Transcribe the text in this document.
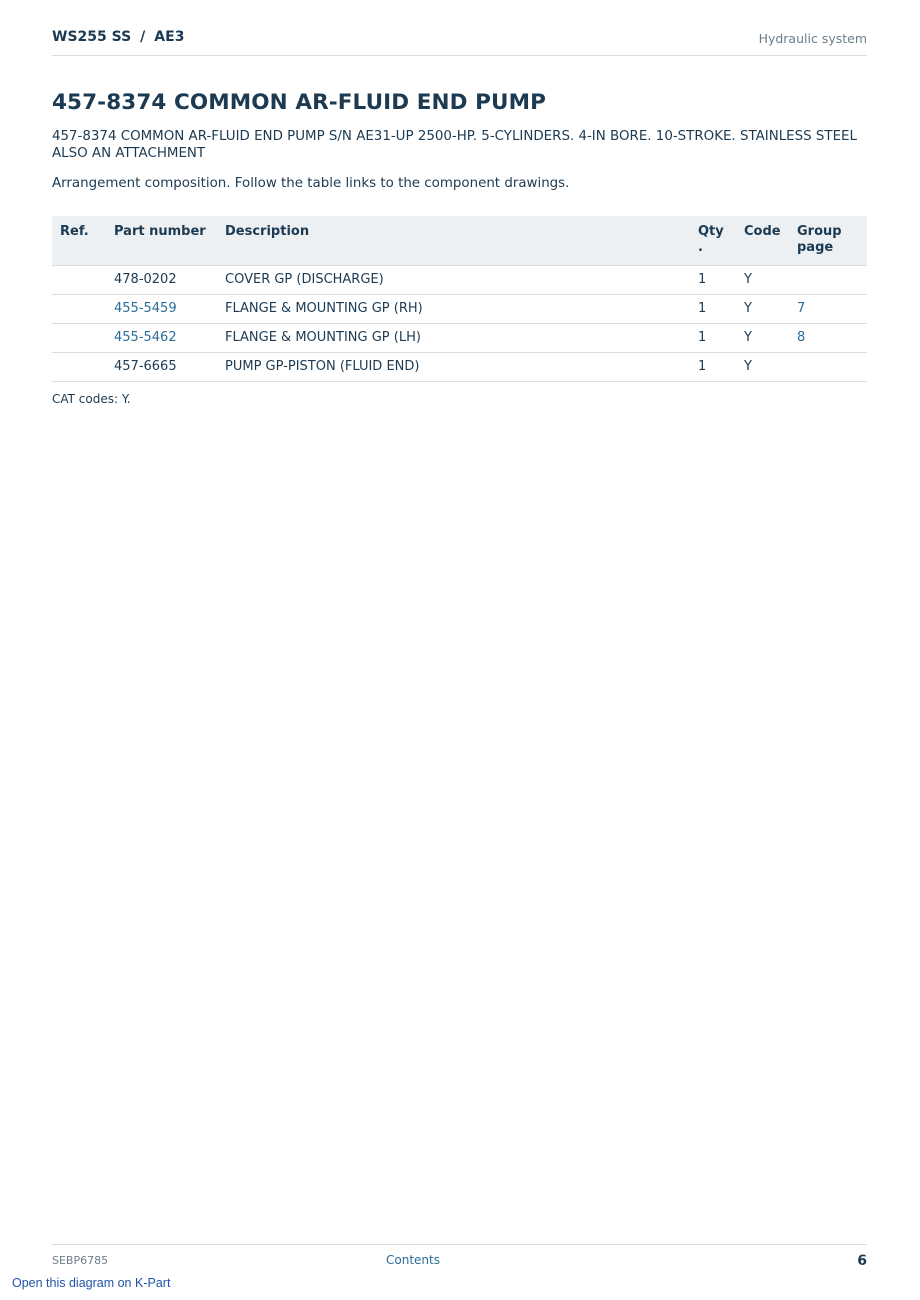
WS255 SS / AE3	Hydraulic system
457-8374 COMMON AR-FLUID END PUMP
457-8374 COMMON AR-FLUID END PUMP S/N AE31-UP 2500-HP. 5-CYLINDERS. 4-IN BORE. 10-STROKE. STAINLESS STEEL ALSO AN ATTACHMENT
Arrangement composition. Follow the table links to the component drawings.
Ref.	Part number	Description	Qty .	Code	Group page
	478-0202	COVER GP (DISCHARGE)	1	Y	
	455-5459	FLANGE & MOUNTING GP (RH)	1	Y	7
	455-5462	FLANGE & MOUNTING GP (LH)	1	Y	8
	457-6665	PUMP GP-PISTON (FLUID END)	1	Y	
CAT codes: Y.
SEBP6785	Contents	6
Open this diagram on K-Part
